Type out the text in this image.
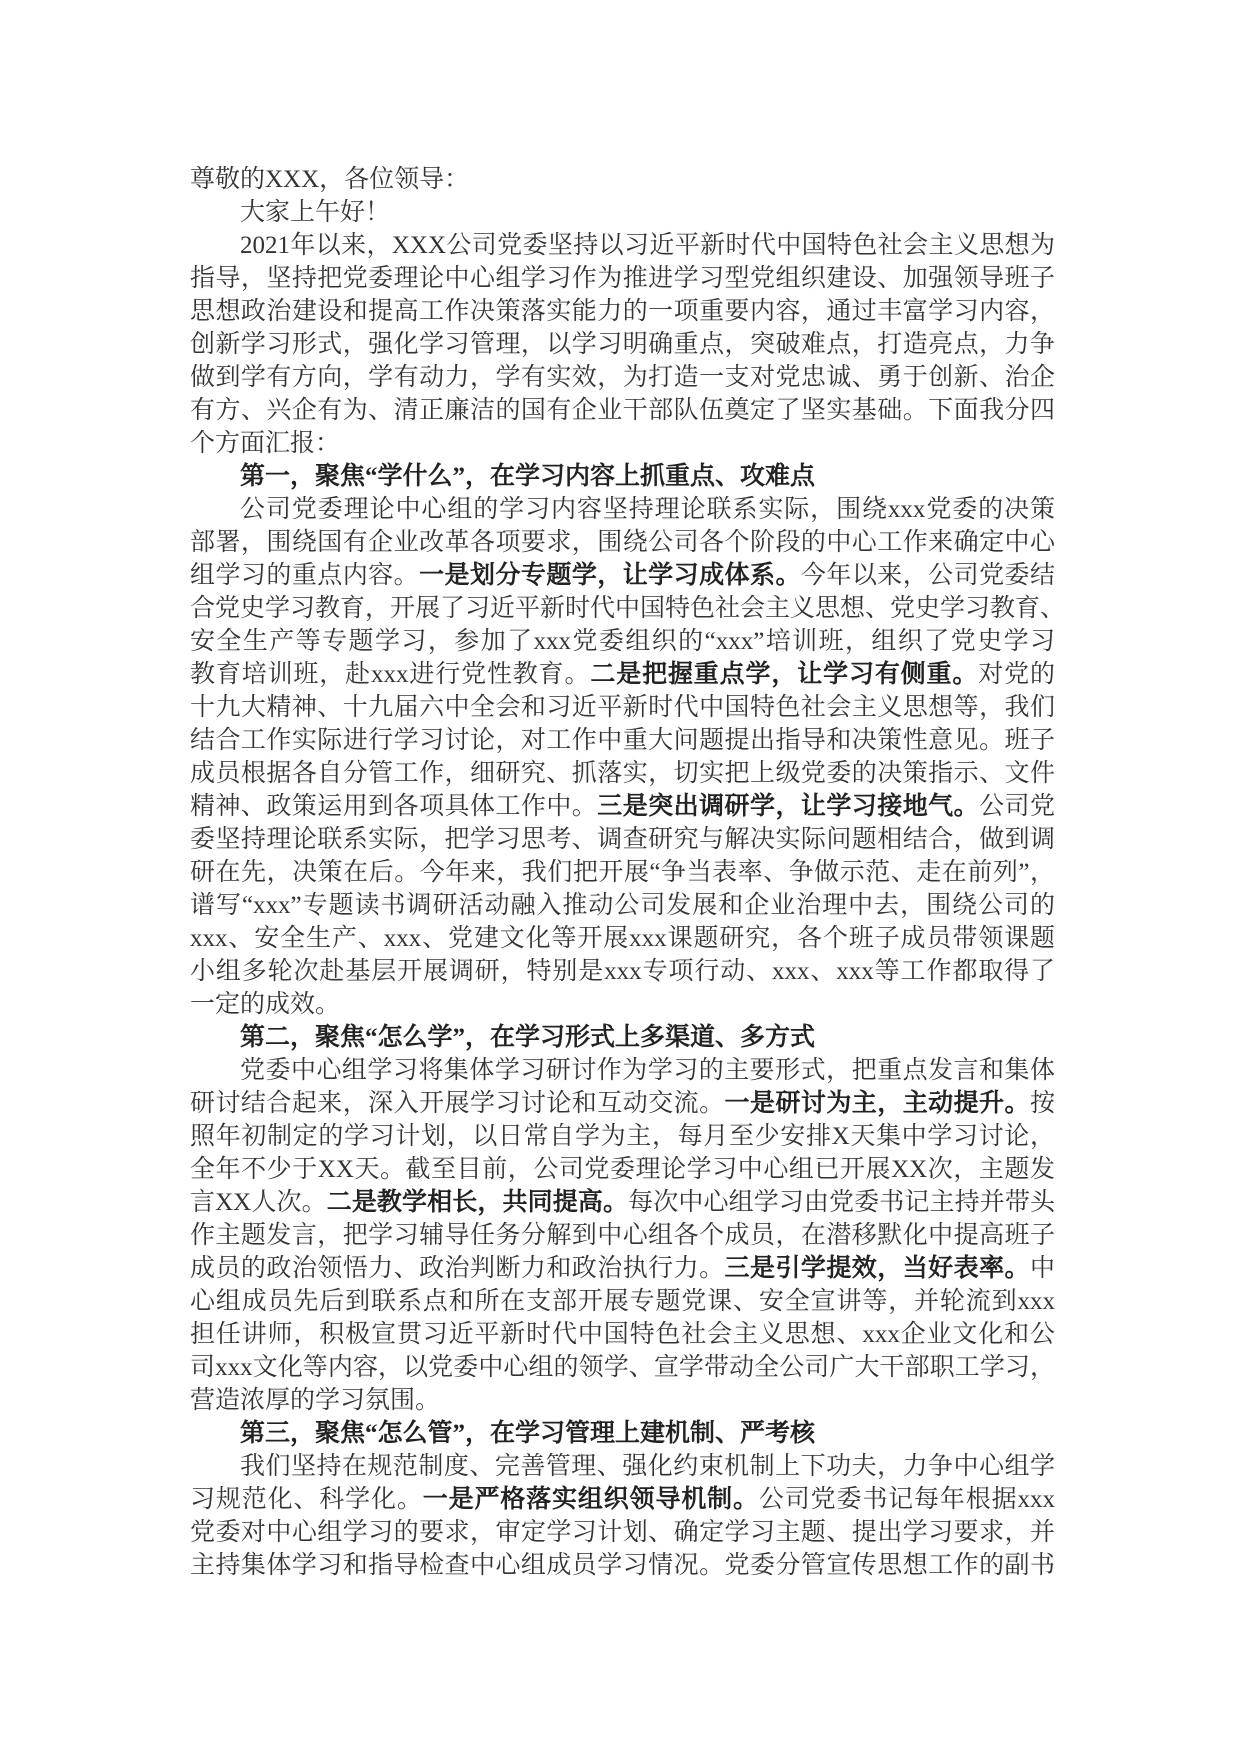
尊敬的XXX，各位领导：
大家上午好！
2021年以来，XXX公司党委坚持以习近平新时代中国特色社会主义思想为
指导，坚持把党委理论中心组学习作为推进学习型党组织建设、加强领导班子
思想政治建设和提高工作决策落实能力的一项重要内容，通过丰富学习内容，
创新学习形式，强化学习管理，以学习明确重点，突破难点，打造亮点，力争
做到学有方向，学有动力，学有实效，为打造一支对党忠诚、勇于创新、治企
有方、兴企有为、清正廉洁的国有企业干部队伍奠定了坚实基础。下面我分四
个方面汇报：
第一，聚焦“学什么”，在学习内容上抓重点、攻难点
公司党委理论中心组的学习内容坚持理论联系实际，围绕xxx党委的决策
部署，围绕国有企业改革各项要求，围绕公司各个阶段的中心工作来确定中心
组学习的重点内容。一是划分专题学，让学习成体系。今年以来，公司党委结
合党史学习教育，开展了习近平新时代中国特色社会主义思想、党史学习教育、
安全生产等专题学习，参加了xxx党委组织的“xxx”培训班，组织了党史学习
教育培训班，赴xxx进行党性教育。二是把握重点学，让学习有侧重。对党的
十九大精神、十九届六中全会和习近平新时代中国特色社会主义思想等，我们
结合工作实际进行学习讨论，对工作中重大问题提出指导和决策性意见。班子
成员根据各自分管工作，细研究、抓落实，切实把上级党委的决策指示、文件
精神、政策运用到各项具体工作中。三是突出调研学，让学习接地气。公司党
委坚持理论联系实际，把学习思考、调查研究与解决实际问题相结合，做到调
研在先，决策在后。今年来，我们把开展“争当表率、争做示范、走在前列”，
谱写“xxx”专题读书调研活动融入推动公司发展和企业治理中去，围绕公司的
xxx、安全生产、xxx、党建文化等开展xxx课题研究，各个班子成员带领课题
小组多轮次赴基层开展调研，特别是xxx专项行动、xxx、xxx等工作都取得了
一定的成效。
第二，聚焦“怎么学”，在学习形式上多渠道、多方式
党委中心组学习将集体学习研讨作为学习的主要形式，把重点发言和集体
研讨结合起来，深入开展学习讨论和互动交流。一是研讨为主，主动提升。按
照年初制定的学习计划，以日常自学为主，每月至少安排X天集中学习讨论，
全年不少于XX天。截至目前，公司党委理论学习中心组已开展XX次，主题发
言XX人次。二是教学相长，共同提高。每次中心组学习由党委书记主持并带头
作主题发言，把学习辅导任务分解到中心组各个成员，在潜移默化中提高班子
成员的政治领悟力、政治判断力和政治执行力。三是引学提效，当好表率。中
心组成员先后到联系点和所在支部开展专题党课、安全宣讲等，并轮流到xxx
担任讲师，积极宣贯习近平新时代中国特色社会主义思想、xxx企业文化和公
司xxx文化等内容，以党委中心组的领学、宣学带动全公司广大干部职工学习，
营造浓厚的学习氛围。
第三，聚焦“怎么管”，在学习管理上建机制、严考核
我们坚持在规范制度、完善管理、强化约束机制上下功夫，力争中心组学
习规范化、科学化。一是严格落实组织领导机制。公司党委书记每年根据xxx
党委对中心组学习的要求，审定学习计划、确定学习主题、提出学习要求，并
主持集体学习和指导检查中心组成员学习情况。党委分管宣传思想工作的副书
